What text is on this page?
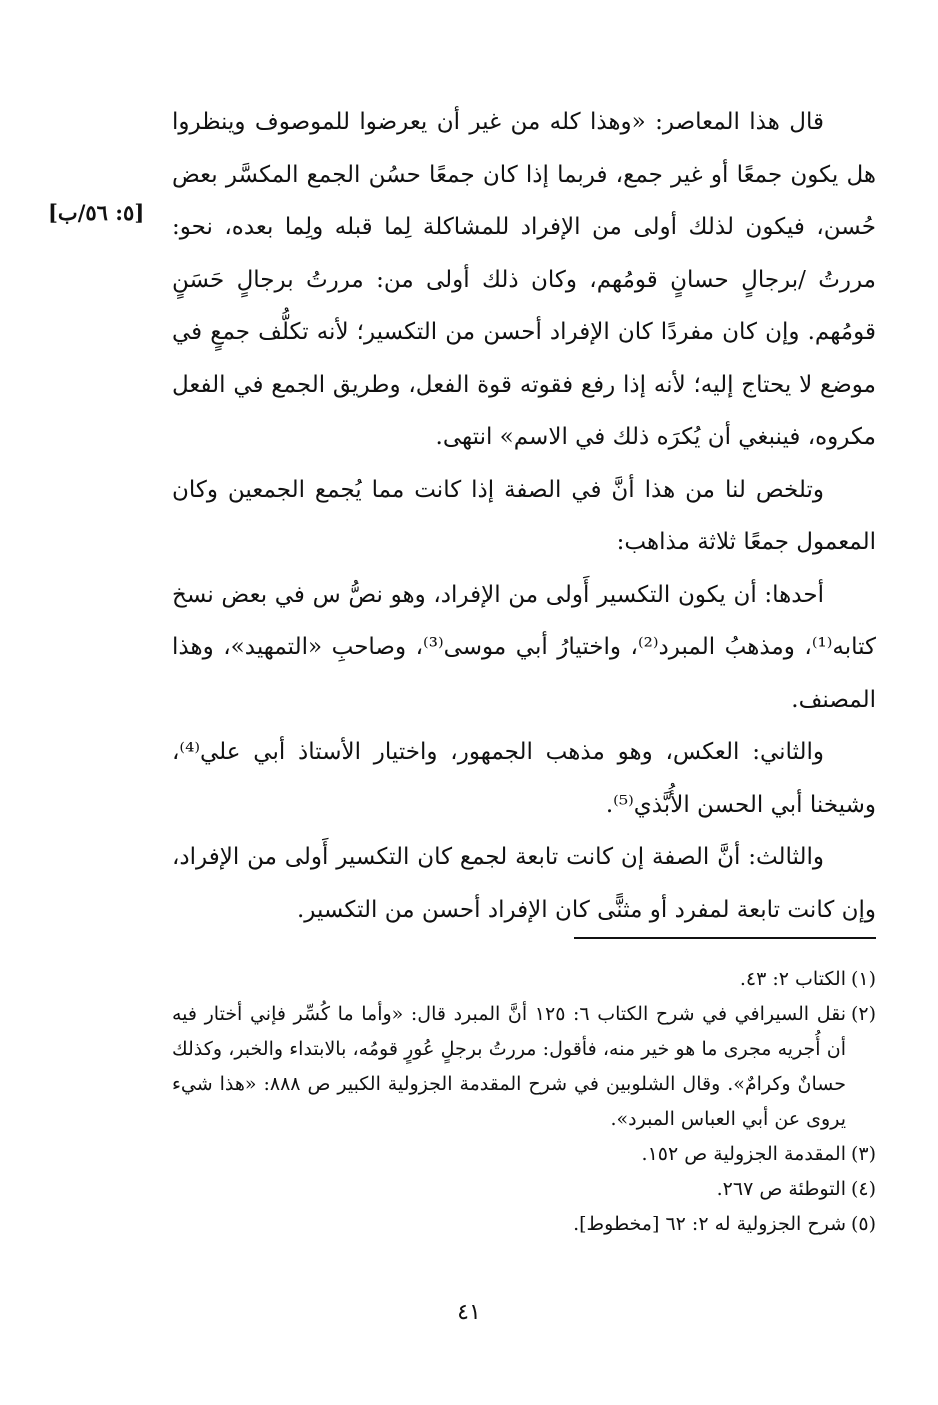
[٥: ٥٦/ب]

قال هذا المعاصر: «وهذا كله من غير أن يعرضوا للموصوف وينظروا هل يكون جمعًا أو غير جمع، فربما إذا كان جمعًا حسُن الجمع المكسَّر بعض حُسن، فيكون لذلك أولى من الإفراد للمشاكلة لِما قبله ولِما بعده، نحو: مررتُ /برجالٍ حسانٍ قومُهم، وكان ذلك أولى من: مررتُ برجالٍ حَسَنٍ قومُهم. وإن كان مفردًا كان الإفراد أحسن من التكسير؛ لأنه تكلُّف جمعٍ في موضع لا يحتاج إليه؛ لأنه إذا رفع فقوته قوة الفعل، وطريق الجمع في الفعل مكروه، فينبغي أن يُكرَه ذلك في الاسم» انتهى.

وتلخص لنا من هذا أنَّ في الصفة إذا كانت مما يُجمع الجمعين وكان المعمول جمعًا ثلاثة مذاهب:

أحدها: أن يكون التكسير أَولى من الإفراد، وهو نصُّ س في بعض نسخ كتابه⁽¹⁾، ومذهبُ المبرد⁽²⁾، واختيارُ أبي موسى⁽³⁾، وصاحبِ «التمهيد»، وهذا المصنف.

والثاني: العكس، وهو مذهب الجمهور، واختيار الأستاذ أبي علي⁽⁴⁾، وشيخنا أبي الحسن الأُبَّذي⁽⁵⁾.

والثالث: أنَّ الصفة إن كانت تابعة لجمع كان التكسير أَولى من الإفراد، وإن كانت تابعة لمفرد أو مثنًّى كان الإفراد أحسن من التكسير.

(١)
الكتاب ٢: ٤٣.
(٢)
نقل السيرافي في شرح الكتاب ٦: ١٢٥ أنَّ المبرد قال: «وأما ما كُسِّر فإني أختار فيه أن أُجريه مجرى ما هو خير منه، فأقول: مررتُ برجلٍ عُورٍ قومُه، بالابتداء والخبر، وكذلك حسانٌ وكرامٌ». وقال الشلوبين في شرح المقدمة الجزولية الكبير ص ٨٨٨: «هذا شيء يروى عن أبي العباس المبرد».
(٣)
المقدمة الجزولية ص ١٥٢.
(٤)
التوطئة ص ٢٦٧.
(٥)
شرح الجزولية له ٢: ٦٢ [مخطوط].
٤١
